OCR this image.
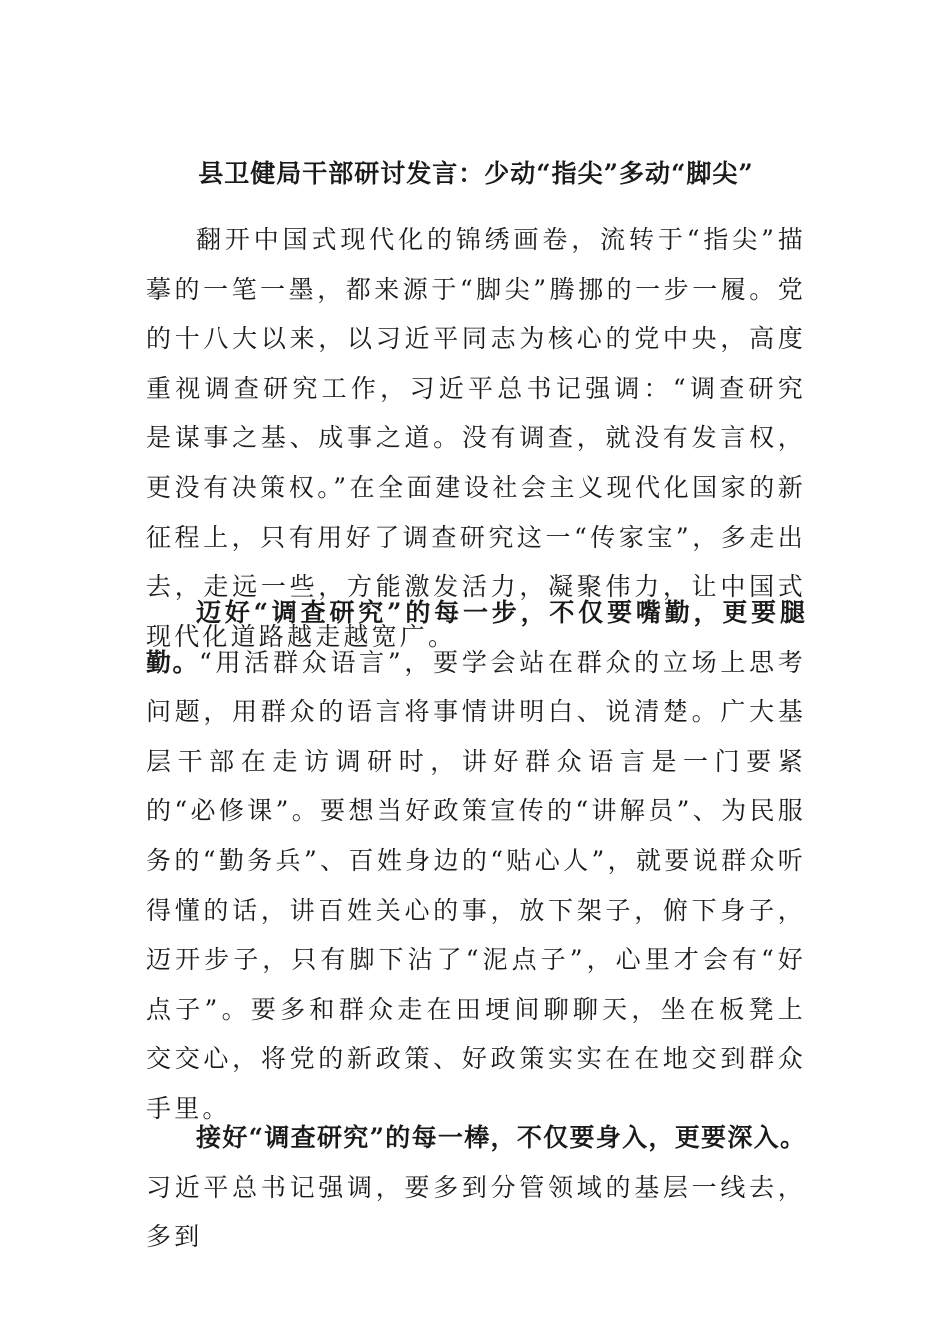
县卫健局干部研讨发言：少动“指尖”多动“脚尖”

翻开中国式现代化的锦绣画卷，流转于“指尖”描摹的一笔一墨，都来源于“脚尖”腾挪的一步一履。党的十八大以来，以习近平同志为核心的党中央，高度重视调查研究工作，习近平总书记强调：“调查研究是谋事之基、成事之道。没有调查，就没有发言权，更没有决策权。”在全面建设社会主义现代化国家的新征程上，只有用好了调查研究这一“传家宝”，多走出去，走远一些，方能激发活力，凝聚伟力，让中国式现代化道路越走越宽广。

迈好“调查研究”的每一步，不仅要嘴勤，更要腿勤。“用活群众语言”，要学会站在群众的立场上思考问题，用群众的语言将事情讲明白、说清楚。广大基层干部在走访调研时，讲好群众语言是一门要紧的“必修课”。要想当好政策宣传的“讲解员”、为民服务的“勤务兵”、百姓身边的“贴心人”，就要说群众听得懂的话，讲百姓关心的事，放下架子，俯下身子，迈开步子，只有脚下沾了“泥点子”，心里才会有“好点子”。要多和群众走在田埂间聊聊天，坐在板凳上交交心，将党的新政策、好政策实实在在地交到群众手里。

接好“调查研究”的每一棒，不仅要身入，更要深入。习近平总书记强调，要多到分管领域的基层一线去，多到
